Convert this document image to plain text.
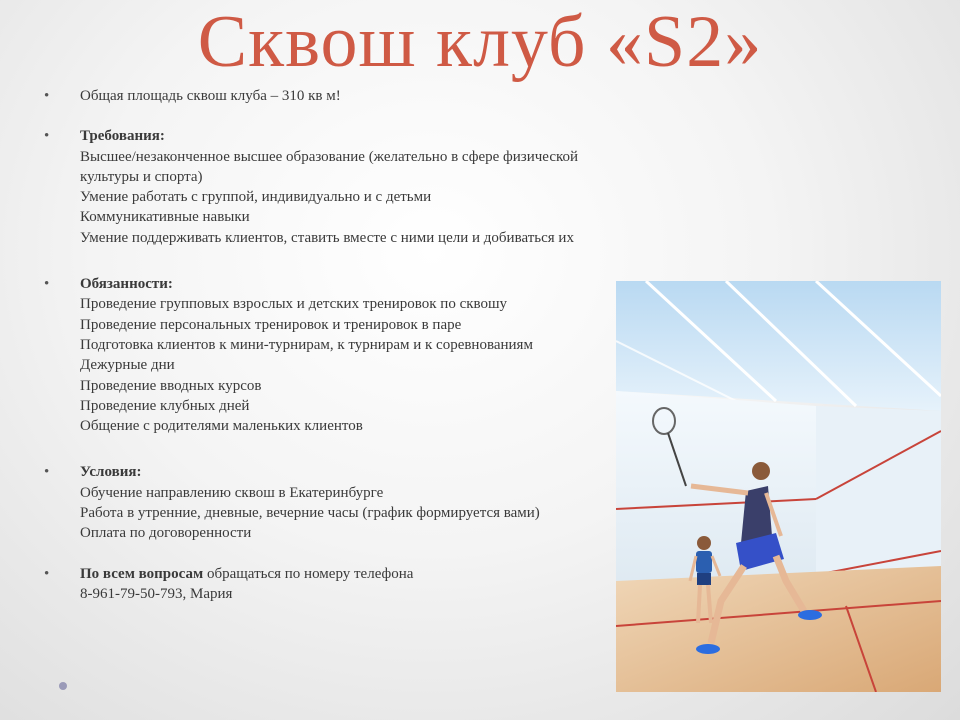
Сквош клуб «S2»
•
Общая площадь сквош клуба – 310 кв м!
•
Требования:
Высшее/незаконченное высшее образование (желательно в сфере физической
культуры и спорта)
Умение работать с группой, индивидуально и с детьми
Коммуникативные навыки
Умение поддерживать клиентов, ставить вместе с ними цели и добиваться их
•
Обязанности:
Проведение групповых взрослых и детских тренировок по сквошу
Проведение персональных тренировок и тренировок в паре
Подготовка клиентов к мини-турнирам, к турнирам и к соревнованиям
Дежурные дни
Проведение вводных курсов
Проведение клубных дней
Общение с родителями маленьких клиентов
•
Условия:
Обучение направлению сквош в Екатеринбурге
Работа в утренние, дневные, вечерние часы (график формируется вами)
Оплата по договоренности
•
По всем вопросам обращаться по номеру телефона
8-961-79-50-793, Мария
